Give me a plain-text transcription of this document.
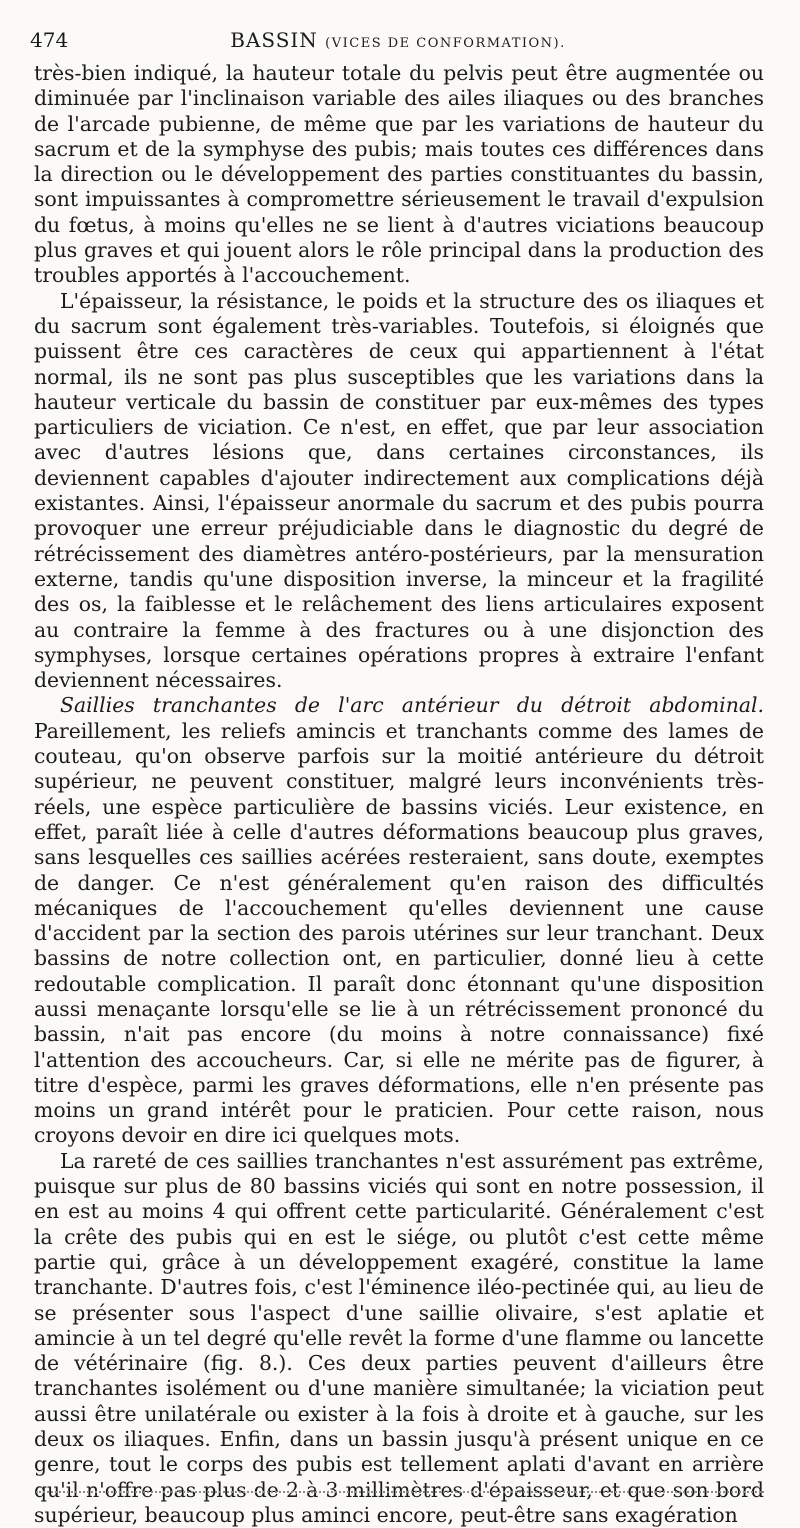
474	BASSIN (VICES DE CONFORMATION).

très-bien indiqué, la hauteur totale du pelvis peut être augmentée ou diminuée par l'inclinaison variable des ailes iliaques ou des branches de l'arcade pubienne, de même que par les variations de hauteur du sacrum et de la symphyse des pubis; mais toutes ces différences dans la direction ou le développement des parties constituantes du bassin, sont impuissantes à compromettre sérieusement le travail d'expulsion du fœtus, à moins qu'elles ne se lient à d'autres viciations beaucoup plus graves et qui jouent alors le rôle principal dans la production des troubles apportés à l'accouchement.

L'épaisseur, la résistance, le poids et la structure des os iliaques et du sacrum sont également très-variables. Toutefois, si éloignés que puissent être ces caractères de ceux qui appartiennent à l'état normal, ils ne sont pas plus susceptibles que les variations dans la hauteur verticale du bassin de constituer par eux-mêmes des types particuliers de viciation. Ce n'est, en effet, que par leur association avec d'autres lésions que, dans certaines circonstances, ils deviennent capables d'ajouter indirectement aux complications déjà existantes. Ainsi, l'épaisseur anormale du sacrum et des pubis pourra provoquer une erreur préjudiciable dans le diagnostic du degré de rétrécissement des diamètres antéro-postérieurs, par la mensuration externe, tandis qu'une disposition inverse, la minceur et la fragilité des os, la faiblesse et le relâchement des liens articulaires exposent au contraire la femme à des fractures ou à une disjonction des symphyses, lorsque certaines opérations propres à extraire l'enfant deviennent nécessaires.

Saillies tranchantes de l'arc antérieur du détroit abdominal. Pareillement, les reliefs amincis et tranchants comme des lames de couteau, qu'on observe parfois sur la moitié antérieure du détroit supérieur, ne peuvent constituer, malgré leurs inconvénients très-réels, une espèce particulière de bassins viciés. Leur existence, en effet, paraît liée à celle d'autres déformations beaucoup plus graves, sans lesquelles ces saillies acérées resteraient, sans doute, exemptes de danger. Ce n'est généralement qu'en raison des difficultés mécaniques de l'accouchement qu'elles deviennent une cause d'accident par la section des parois utérines sur leur tranchant. Deux bassins de notre collection ont, en particulier, donné lieu à cette redoutable complication. Il paraît donc étonnant qu'une disposition aussi menaçante lorsqu'elle se lie à un rétrécissement prononcé du bassin, n'ait pas encore (du moins à notre connaissance) fixé l'attention des accoucheurs. Car, si elle ne mérite pas de figurer, à titre d'espèce, parmi les graves déformations, elle n'en présente pas moins un grand intérêt pour le praticien. Pour cette raison, nous croyons devoir en dire ici quelques mots.

La rareté de ces saillies tranchantes n'est assurément pas extrême, puisque sur plus de 80 bassins viciés qui sont en notre possession, il en est au moins 4 qui offrent cette particularité. Généralement c'est la crête des pubis qui en est le siége, ou plutôt c'est cette même partie qui, grâce à un développement exagéré, constitue la lame tranchante. D'autres fois, c'est l'éminence iléo-pectinée qui, au lieu de se présenter sous l'aspect d'une saillie olivaire, s'est aplatie et amincie à un tel degré qu'elle revêt la forme d'une flamme ou lancette de vétérinaire (fig. 8.). Ces deux parties peuvent d'ailleurs être tranchantes isolément ou d'une manière simultanée; la viciation peut aussi être unilatérale ou exister à la fois à droite et à gauche, sur les deux os iliaques. Enfin, dans un bassin jusqu'à présent unique en ce genre, tout le corps des pubis est tellement aplati d'avant en arrière qu'il n'offre pas plus de 2 à 3 millimètres d'épaisseur, et que son bord supérieur, beaucoup plus aminci encore, peut-être sans exagération
